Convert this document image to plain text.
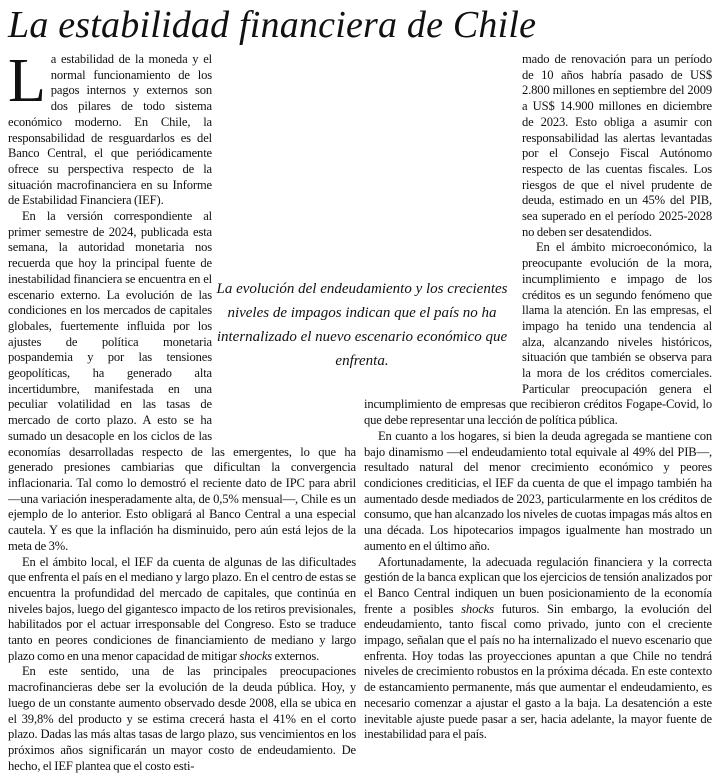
La estabilidad financiera de Chile

La estabilidad de la moneda y el normal funcionamiento de los pagos internos y externos son dos pilares de todo sistema económico moderno. En Chile, la responsabilidad de resguardarlos es del Banco Central, el que periódicamente ofrece su perspectiva respecto de la situación macrofinanciera en su Informe de Estabilidad Financiera (IEF).

En la versión correspondiente al primer semestre de 2024, publicada esta semana, la autoridad monetaria nos recuerda que hoy la principal fuente de inestabilidad financiera se encuentra en el escenario externo. La evolución de las condiciones en los mercados de capitales globales, fuertemente influida por los ajustes de política monetaria pospandemia y por las tensiones geopolíticas, ha generado alta incertidumbre, manifestada en una peculiar volatilidad en las tasas de mercado de corto plazo. A esto se ha sumado un desacople en los ciclos de las economías desarrolladas respecto de las emergentes, lo que ha generado presiones cambiarias que dificultan la convergencia inflacionaria. Tal como lo demostró el reciente dato de IPC para abril —una variación inesperadamente alta, de 0,5% mensual—, Chile es un ejemplo de lo anterior. Esto obligará al Banco Central a una especial cautela. Y es que la inflación ha disminuido, pero aún está lejos de la meta de 3%.

En el ámbito local, el IEF da cuenta de algunas de las dificultades que enfrenta el país en el mediano y largo plazo. En el centro de estas se encuentra la profundidad del mercado de capitales, que continúa en niveles bajos, luego del gigantesco impacto de los retiros previsionales, habilitados por el actuar irresponsable del Congreso. Esto se traduce tanto en peores condiciones de financiamiento de mediano y largo plazo como en una menor capacidad de mitigar shocks externos.

En este sentido, una de las principales preocupaciones macrofinancieras debe ser la evolución de la deuda pública. Hoy, y luego de un constante aumento observado desde 2008, ella se ubica en el 39,8% del producto y se estima crecerá hasta el 41% en el corto plazo. Dadas las más altas tasas de largo plazo, sus vencimientos en los próximos años significarán un mayor costo de endeudamiento. De hecho, el IEF plantea que el costo esti-

mado de renovación para un período de 10 años habría pasado de US$ 2.800 millones en septiembre del 2009 a US$ 14.900 millones en diciembre de 2023. Esto obliga a asumir con responsabilidad las alertas levantadas por el Consejo Fiscal Autónomo respecto de las cuentas fiscales. Los riesgos de que el nivel prudente de deuda, estimado en un 45% del PIB, sea superado en el período 2025-2028 no deben ser desatendidos.

En el ámbito microeconómico, la preocupante evolución de la mora, incumplimiento e impago de los créditos es un segundo fenómeno que llama la atención. En las empresas, el impago ha tenido una tendencia al alza, alcanzando niveles históricos, situación que también se observa para la mora de los créditos comerciales. Particular preocupación genera el incumplimiento de empresas que recibieron créditos Fogape-Covid, lo que debe representar una lección de política pública.

En cuanto a los hogares, si bien la deuda agregada se mantiene con bajo dinamismo —el endeudamiento total equivale al 49% del PIB—, resultado natural del menor crecimiento económico y peores condiciones crediticias, el IEF da cuenta de que el impago también ha aumentado desde mediados de 2023, particularmente en los créditos de consumo, que han alcanzado los niveles de cuotas impagas más altos en una década. Los hipotecarios impagos igualmente han mostrado un aumento en el último año.

Afortunadamente, la adecuada regulación financiera y la correcta gestión de la banca explican que los ejercicios de tensión analizados por el Banco Central indiquen un buen posicionamiento de la economía frente a posibles shocks futuros. Sin embargo, la evolución del endeudamiento, tanto fiscal como privado, junto con el creciente impago, señalan que el país no ha internalizado el nuevo escenario que enfrenta. Hoy todas las proyecciones apuntan a que Chile no tendrá niveles de crecimiento robustos en la próxima década. En este contexto de estancamiento permanente, más que aumentar el endeudamiento, es necesario comenzar a ajustar el gasto a la baja. La desatención a este inevitable ajuste puede pasar a ser, hacia adelante, la mayor fuente de inestabilidad para el país.

La evolución del endeudamiento y los crecientes niveles de impagos indican que el país no ha internalizado el nuevo escenario económico que enfrenta.
